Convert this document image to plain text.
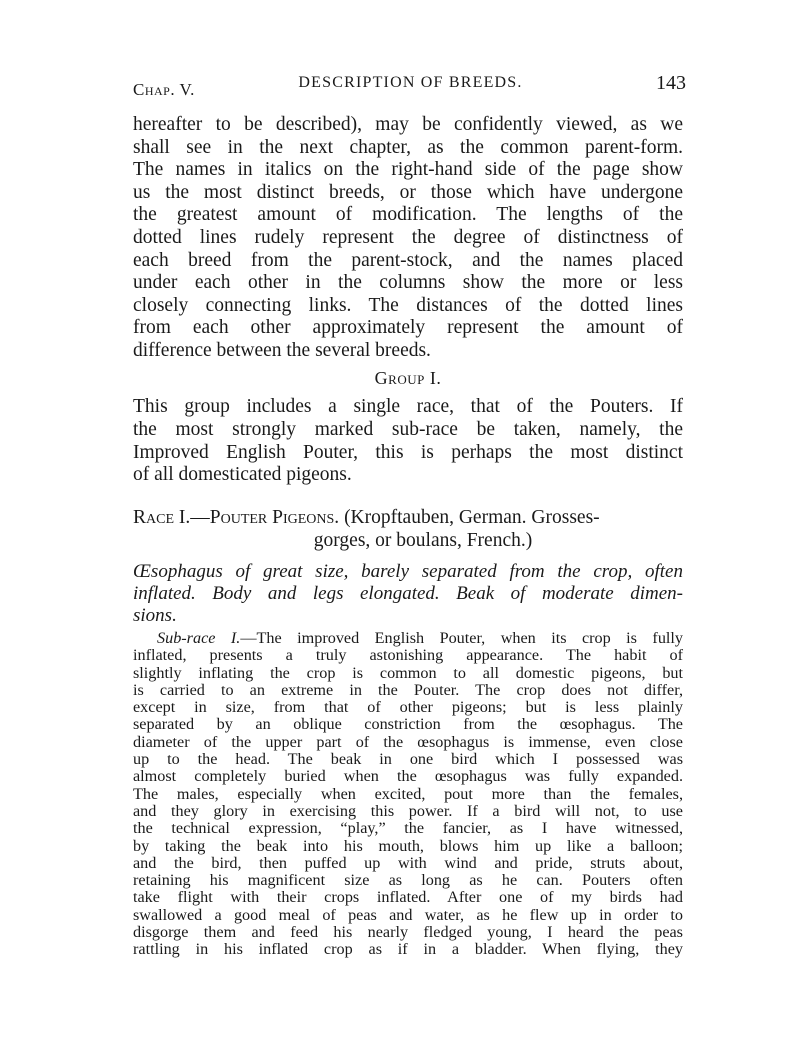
Chap. V.	DESCRIPTION OF BREEDS.	143

hereafter to be described), may be confidently viewed, as we
shall see in the next chapter, as the common parent-form.
The names in italics on the right-hand side of the page show
us the most distinct breeds, or those which have undergone
the greatest amount of modification. The lengths of the
dotted lines rudely represent the degree of distinctness of
each breed from the parent-stock, and the names placed
under each other in the columns show the more or less
closely connecting links. The distances of the dotted lines
from each other approximately represent the amount of
difference between the several breeds.

Group I.

This group includes a single race, that of the Pouters. If
the most strongly marked sub-race be taken, namely, the
Improved English Pouter, this is perhaps the most distinct
of all domesticated pigeons.

Race I.—Pouter Pigeons. (Kropftauben, German. Grosses-
gorges, or boulans, French.)

Œsophagus of great size, barely separated from the crop, often
inflated. Body and legs elongated. Beak of moderate dimen-
sions.

Sub-race I.—The improved English Pouter, when its crop is fully
inflated, presents a truly astonishing appearance. The habit of
slightly inflating the crop is common to all domestic pigeons, but
is carried to an extreme in the Pouter. The crop does not differ,
except in size, from that of other pigeons; but is less plainly
separated by an oblique constriction from the œsophagus. The
diameter of the upper part of the œsophagus is immense, even close
up to the head. The beak in one bird which I possessed was
almost completely buried when the œsophagus was fully expanded.
The males, especially when excited, pout more than the females,
and they glory in exercising this power. If a bird will not, to use
the technical expression, “play,” the fancier, as I have witnessed,
by taking the beak into his mouth, blows him up like a balloon;
and the bird, then puffed up with wind and pride, struts about,
retaining his magnificent size as long as he can. Pouters often
take flight with their crops inflated. After one of my birds had
swallowed a good meal of peas and water, as he flew up in order to
disgorge them and feed his nearly fledged young, I heard the peas
rattling in his inflated crop as if in a bladder. When flying, they
